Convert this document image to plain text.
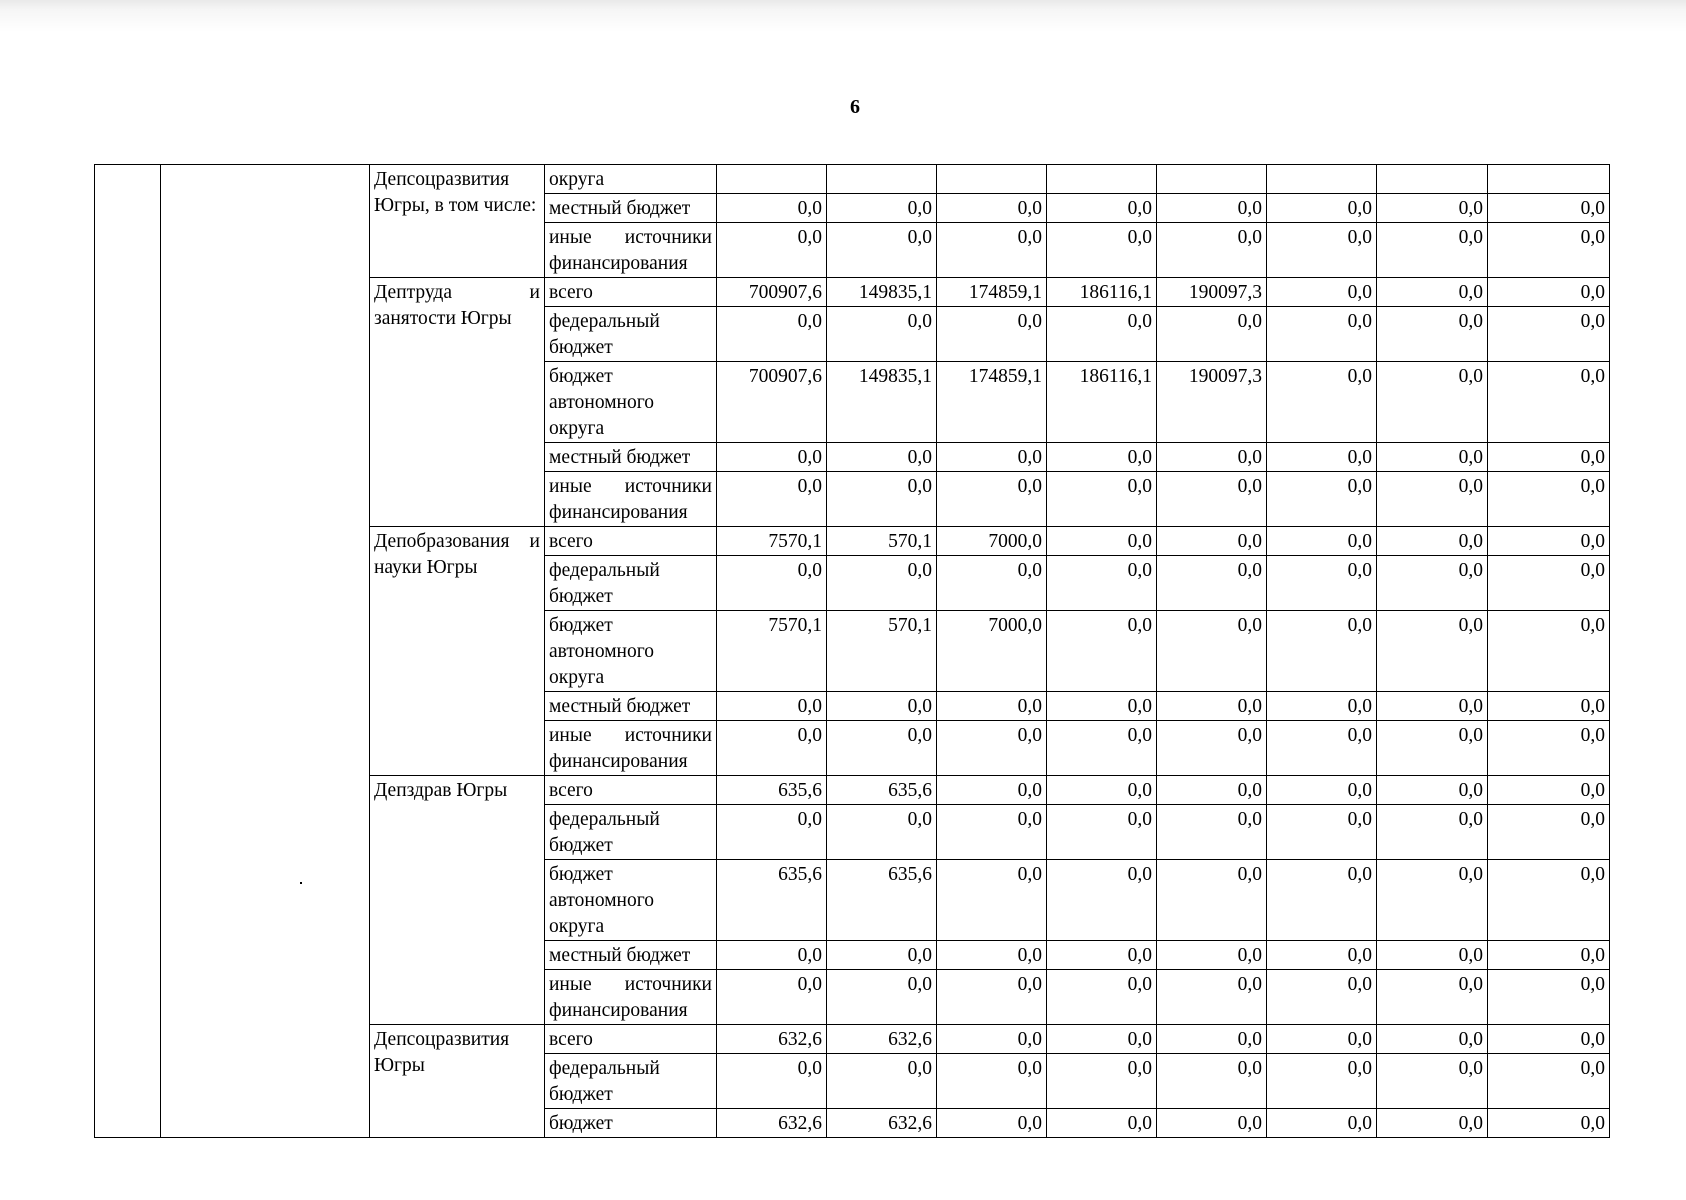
6
		Депсоцразвития Югры, в том числе:	округа								
			местный бюджет	0,0	0,0	0,0	0,0	0,0	0,0	0,0	0,0
			иные источники финансирования	0,0	0,0	0,0	0,0	0,0	0,0	0,0	0,0
		Дептруда и занятости Югры	всего	700907,6	149835,1	174859,1	186116,1	190097,3	0,0	0,0	0,0
			федеральный бюджет	0,0	0,0	0,0	0,0	0,0	0,0	0,0	0,0
			бюджет автономного округа	700907,6	149835,1	174859,1	186116,1	190097,3	0,0	0,0	0,0
			местный бюджет	0,0	0,0	0,0	0,0	0,0	0,0	0,0	0,0
			иные источники финансирования	0,0	0,0	0,0	0,0	0,0	0,0	0,0	0,0
		Депобразования и науки Югры	всего	7570,1	570,1	7000,0	0,0	0,0	0,0	0,0	0,0
			федеральный бюджет	0,0	0,0	0,0	0,0	0,0	0,0	0,0	0,0
			бюджет автономного округа	7570,1	570,1	7000,0	0,0	0,0	0,0	0,0	0,0
			местный бюджет	0,0	0,0	0,0	0,0	0,0	0,0	0,0	0,0
			иные источники финансирования	0,0	0,0	0,0	0,0	0,0	0,0	0,0	0,0
		Депздрав Югры	всего	635,6	635,6	0,0	0,0	0,0	0,0	0,0	0,0
			федеральный бюджет	0,0	0,0	0,0	0,0	0,0	0,0	0,0	0,0
			бюджет автономного округа	635,6	635,6	0,0	0,0	0,0	0,0	0,0	0,0
			местный бюджет	0,0	0,0	0,0	0,0	0,0	0,0	0,0	0,0
			иные источники финансирования	0,0	0,0	0,0	0,0	0,0	0,0	0,0	0,0
		Депсоцразвития Югры	всего	632,6	632,6	0,0	0,0	0,0	0,0	0,0	0,0
			федеральный бюджет	0,0	0,0	0,0	0,0	0,0	0,0	0,0	0,0
			бюджет	632,6	632,6	0,0	0,0	0,0	0,0	0,0	0,0
